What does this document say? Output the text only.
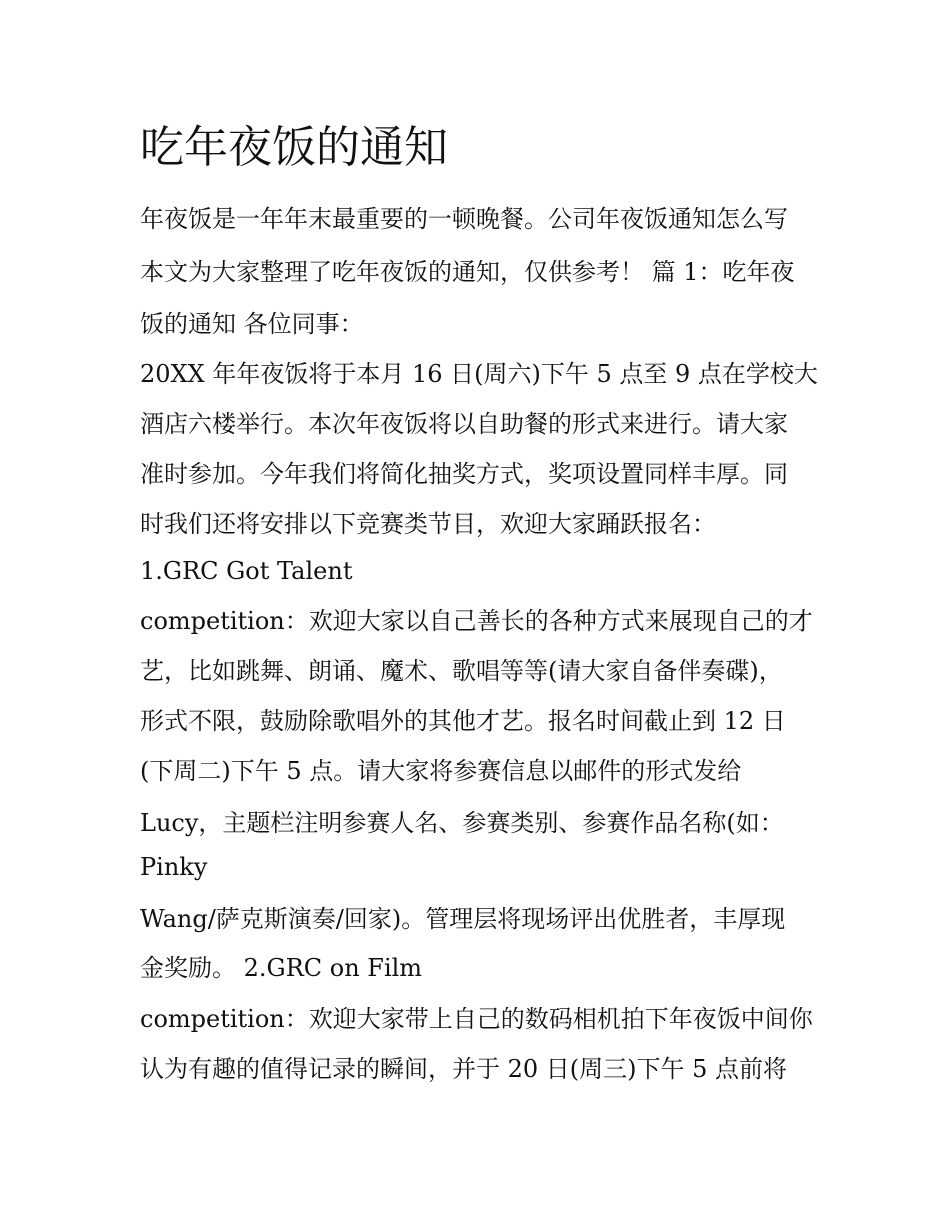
吃年夜饭的通知
年夜饭是一年年末最重要的一顿晚餐。公司年夜饭通知怎么写
本文为大家整理了吃年夜饭的通知，仅供参考！ 篇 1：吃年夜
饭的通知 各位同事：
20XX 年年夜饭将于本月 16 日(周六)下午 5 点至 9 点在学校大
酒店六楼举行。本次年夜饭将以自助餐的形式来进行。请大家
准时参加。今年我们将简化抽奖方式，奖项设置同样丰厚。同
时我们还将安排以下竞赛类节目，欢迎大家踊跃报名：
1.GRC Got Talent
competition：欢迎大家以自己善长的各种方式来展现自己的才
艺，比如跳舞、朗诵、魔术、歌唱等等(请大家自备伴奏碟)，
形式不限，鼓励除歌唱外的其他才艺。报名时间截止到 12 日
(下周二)下午 5 点。请大家将参赛信息以邮件的形式发给
Lucy，主题栏注明参赛人名、参赛类别、参赛作品名称(如：
Pinky
Wang/萨克斯演奏/回家)。管理层将现场评出优胜者，丰厚现
金奖励。 2.GRC on Film
competition：欢迎大家带上自己的数码相机拍下年夜饭中间你
认为有趣的值得记录的瞬间，并于 20 日(周三)下午 5 点前将
